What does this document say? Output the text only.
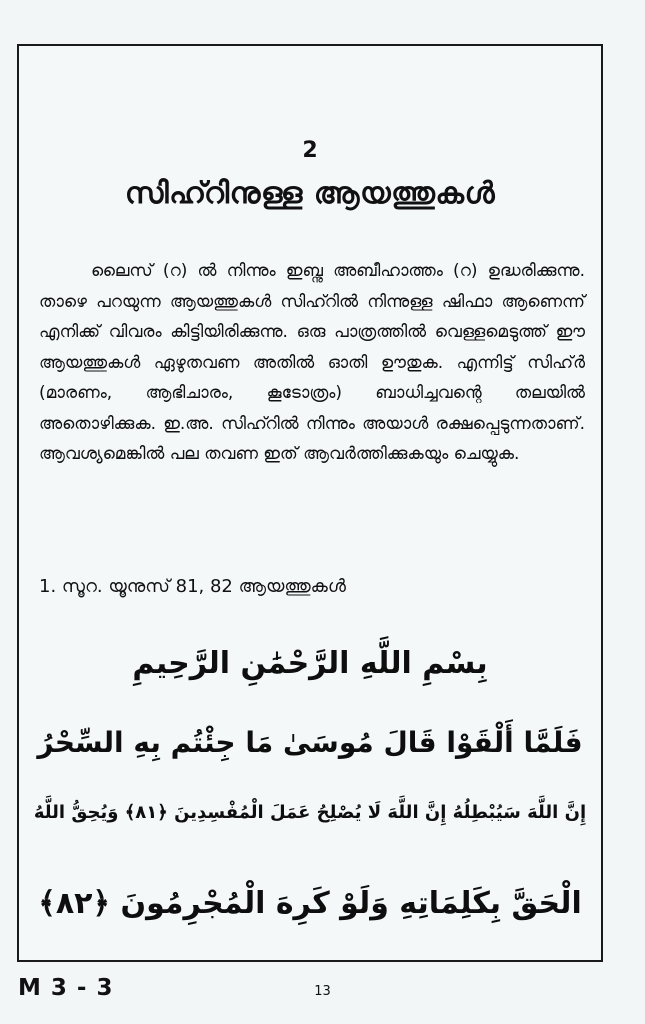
2
സിഹ്റിനുള്ള ആയത്തുകൾ

ലൈസ് (റ) ൽ നിന്നും ഇബ്നു അബീഹാത്തം (റ) ഉദ്ധരിക്കുന്നു. താഴെ പറയുന്ന ആയത്തുകൾ സിഹ്റിൽ നിന്നുള്ള ഷിഫാ ആണെന്ന് എനിക്ക് വിവരം കിട്ടിയിരിക്കുന്നു. ഒരു പാത്രത്തിൽ വെള്ളമെടുത്ത് ഈ ആയത്തുകൾ ഏഴുതവണ അതിൽ ഓതി ഊതുക. എന്നിട്ട് സിഹ്ർ (മാരണം, ആഭിചാരം, കൂടോത്രം) ബാധിച്ചവന്റെ തലയിൽ അതൊഴിക്കുക. ഇ.അ. സിഹ്റിൽ നിന്നും അയാൾ രക്ഷപ്പെടുന്നതാണ്. ആവശ്യമെങ്കിൽ പല തവണ ഇത് ആവർത്തിക്കുകയും ചെയ്യുക.

1. സൂറ. യൂനുസ് 81, 82 ആയത്തുകൾ
بِسْمِ اللَّهِ الرَّحْمَٰنِ الرَّحِيمِ
فَلَمَّا أَلْقَوْا قَالَ مُوسَىٰ مَا جِئْتُم بِهِ السِّحْرُ
إِنَّ اللَّهَ سَيُبْطِلُهُ إِنَّ اللَّهَ لَا يُصْلِحُ عَمَلَ الْمُفْسِدِينَ ﴿٨١﴾ وَيُحِقُّ اللَّهُ
الْحَقَّ بِكَلِمَاتِهِ وَلَوْ كَرِهَ الْمُجْرِمُونَ ﴿٨٢﴾
M 3 - 3	13
